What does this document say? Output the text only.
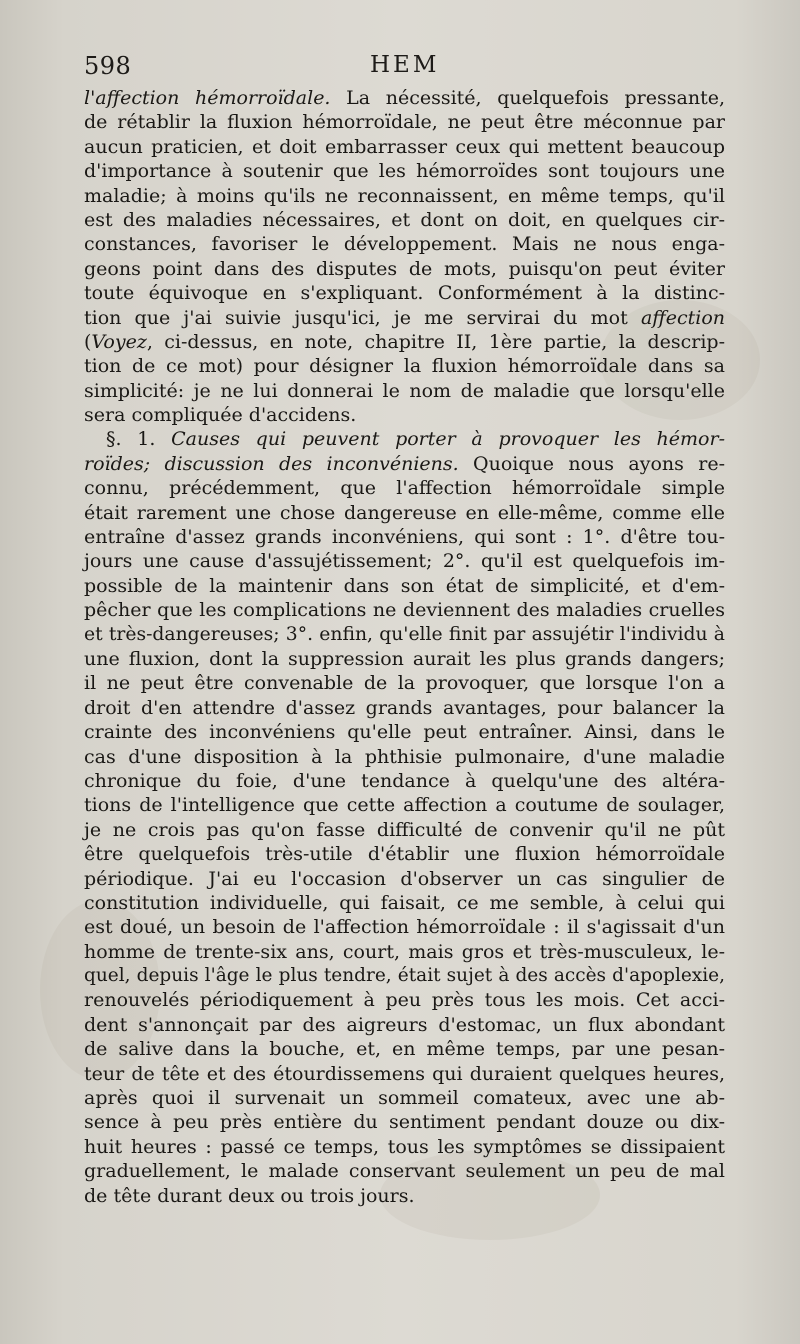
598	HEM
l'affection hémorroïdale. La nécessité, quelquefois pressante,
de rétablir la fluxion hémorroïdale, ne peut être méconnue par
aucun praticien, et doit embarrasser ceux qui mettent beaucoup
d'importance à soutenir que les hémorroïdes sont toujours une
maladie; à moins qu'ils ne reconnaissent, en même temps, qu'il
est des maladies nécessaires, et dont on doit, en quelques cir-
constances, favoriser le développement. Mais ne nous enga-
geons point dans des disputes de mots, puisqu'on peut éviter
toute équivoque en s'expliquant. Conformément à la distinc-
tion que j'ai suivie jusqu'ici, je me servirai du mot affection
(Voyez, ci-dessus, en note, chapitre II, 1ère partie, la descrip-
tion de ce mot) pour désigner la fluxion hémorroïdale dans sa
simplicité: je ne lui donnerai le nom de maladie que lorsqu'elle
sera compliquée d'accidens.
§. 1. Causes qui peuvent porter à provoquer les hémor-
roïdes; discussion des inconvéniens. Quoique nous ayons re-
connu, précédemment, que l'affection hémorroïdale simple
était rarement une chose dangereuse en elle-même, comme elle
entraîne d'assez grands inconvéniens, qui sont : 1°. d'être tou-
jours une cause d'assujétissement; 2°. qu'il est quelquefois im-
possible de la maintenir dans son état de simplicité, et d'em-
pêcher que les complications ne deviennent des maladies cruelles
et très-dangereuses; 3°. enfin, qu'elle finit par assujétir l'individu à
une fluxion, dont la suppression aurait les plus grands dangers;
il ne peut être convenable de la provoquer, que lorsque l'on a
droit d'en attendre d'assez grands avantages, pour balancer la
crainte des inconvéniens qu'elle peut entraîner. Ainsi, dans le
cas d'une disposition à la phthisie pulmonaire, d'une maladie
chronique du foie, d'une tendance à quelqu'une des altéra-
tions de l'intelligence que cette affection a coutume de soulager,
je ne crois pas qu'on fasse difficulté de convenir qu'il ne pût
être quelquefois très-utile d'établir une fluxion hémorroïdale
périodique. J'ai eu l'occasion d'observer un cas singulier de
constitution individuelle, qui faisait, ce me semble, à celui qui
est doué, un besoin de l'affection hémorroïdale : il s'agissait d'un
homme de trente-six ans, court, mais gros et très-musculeux, le-
quel, depuis l'âge le plus tendre, était sujet à des accès d'apoplexie,
renouvelés périodiquement à peu près tous les mois. Cet acci-
dent s'annonçait par des aigreurs d'estomac, un flux abondant
de salive dans la bouche, et, en même temps, par une pesan-
teur de tête et des étourdissemens qui duraient quelques heures,
après quoi il survenait un sommeil comateux, avec une ab-
sence à peu près entière du sentiment pendant douze ou dix-
huit heures : passé ce temps, tous les symptômes se dissipaient
graduellement, le malade conservant seulement un peu de mal
de tête durant deux ou trois jours.
